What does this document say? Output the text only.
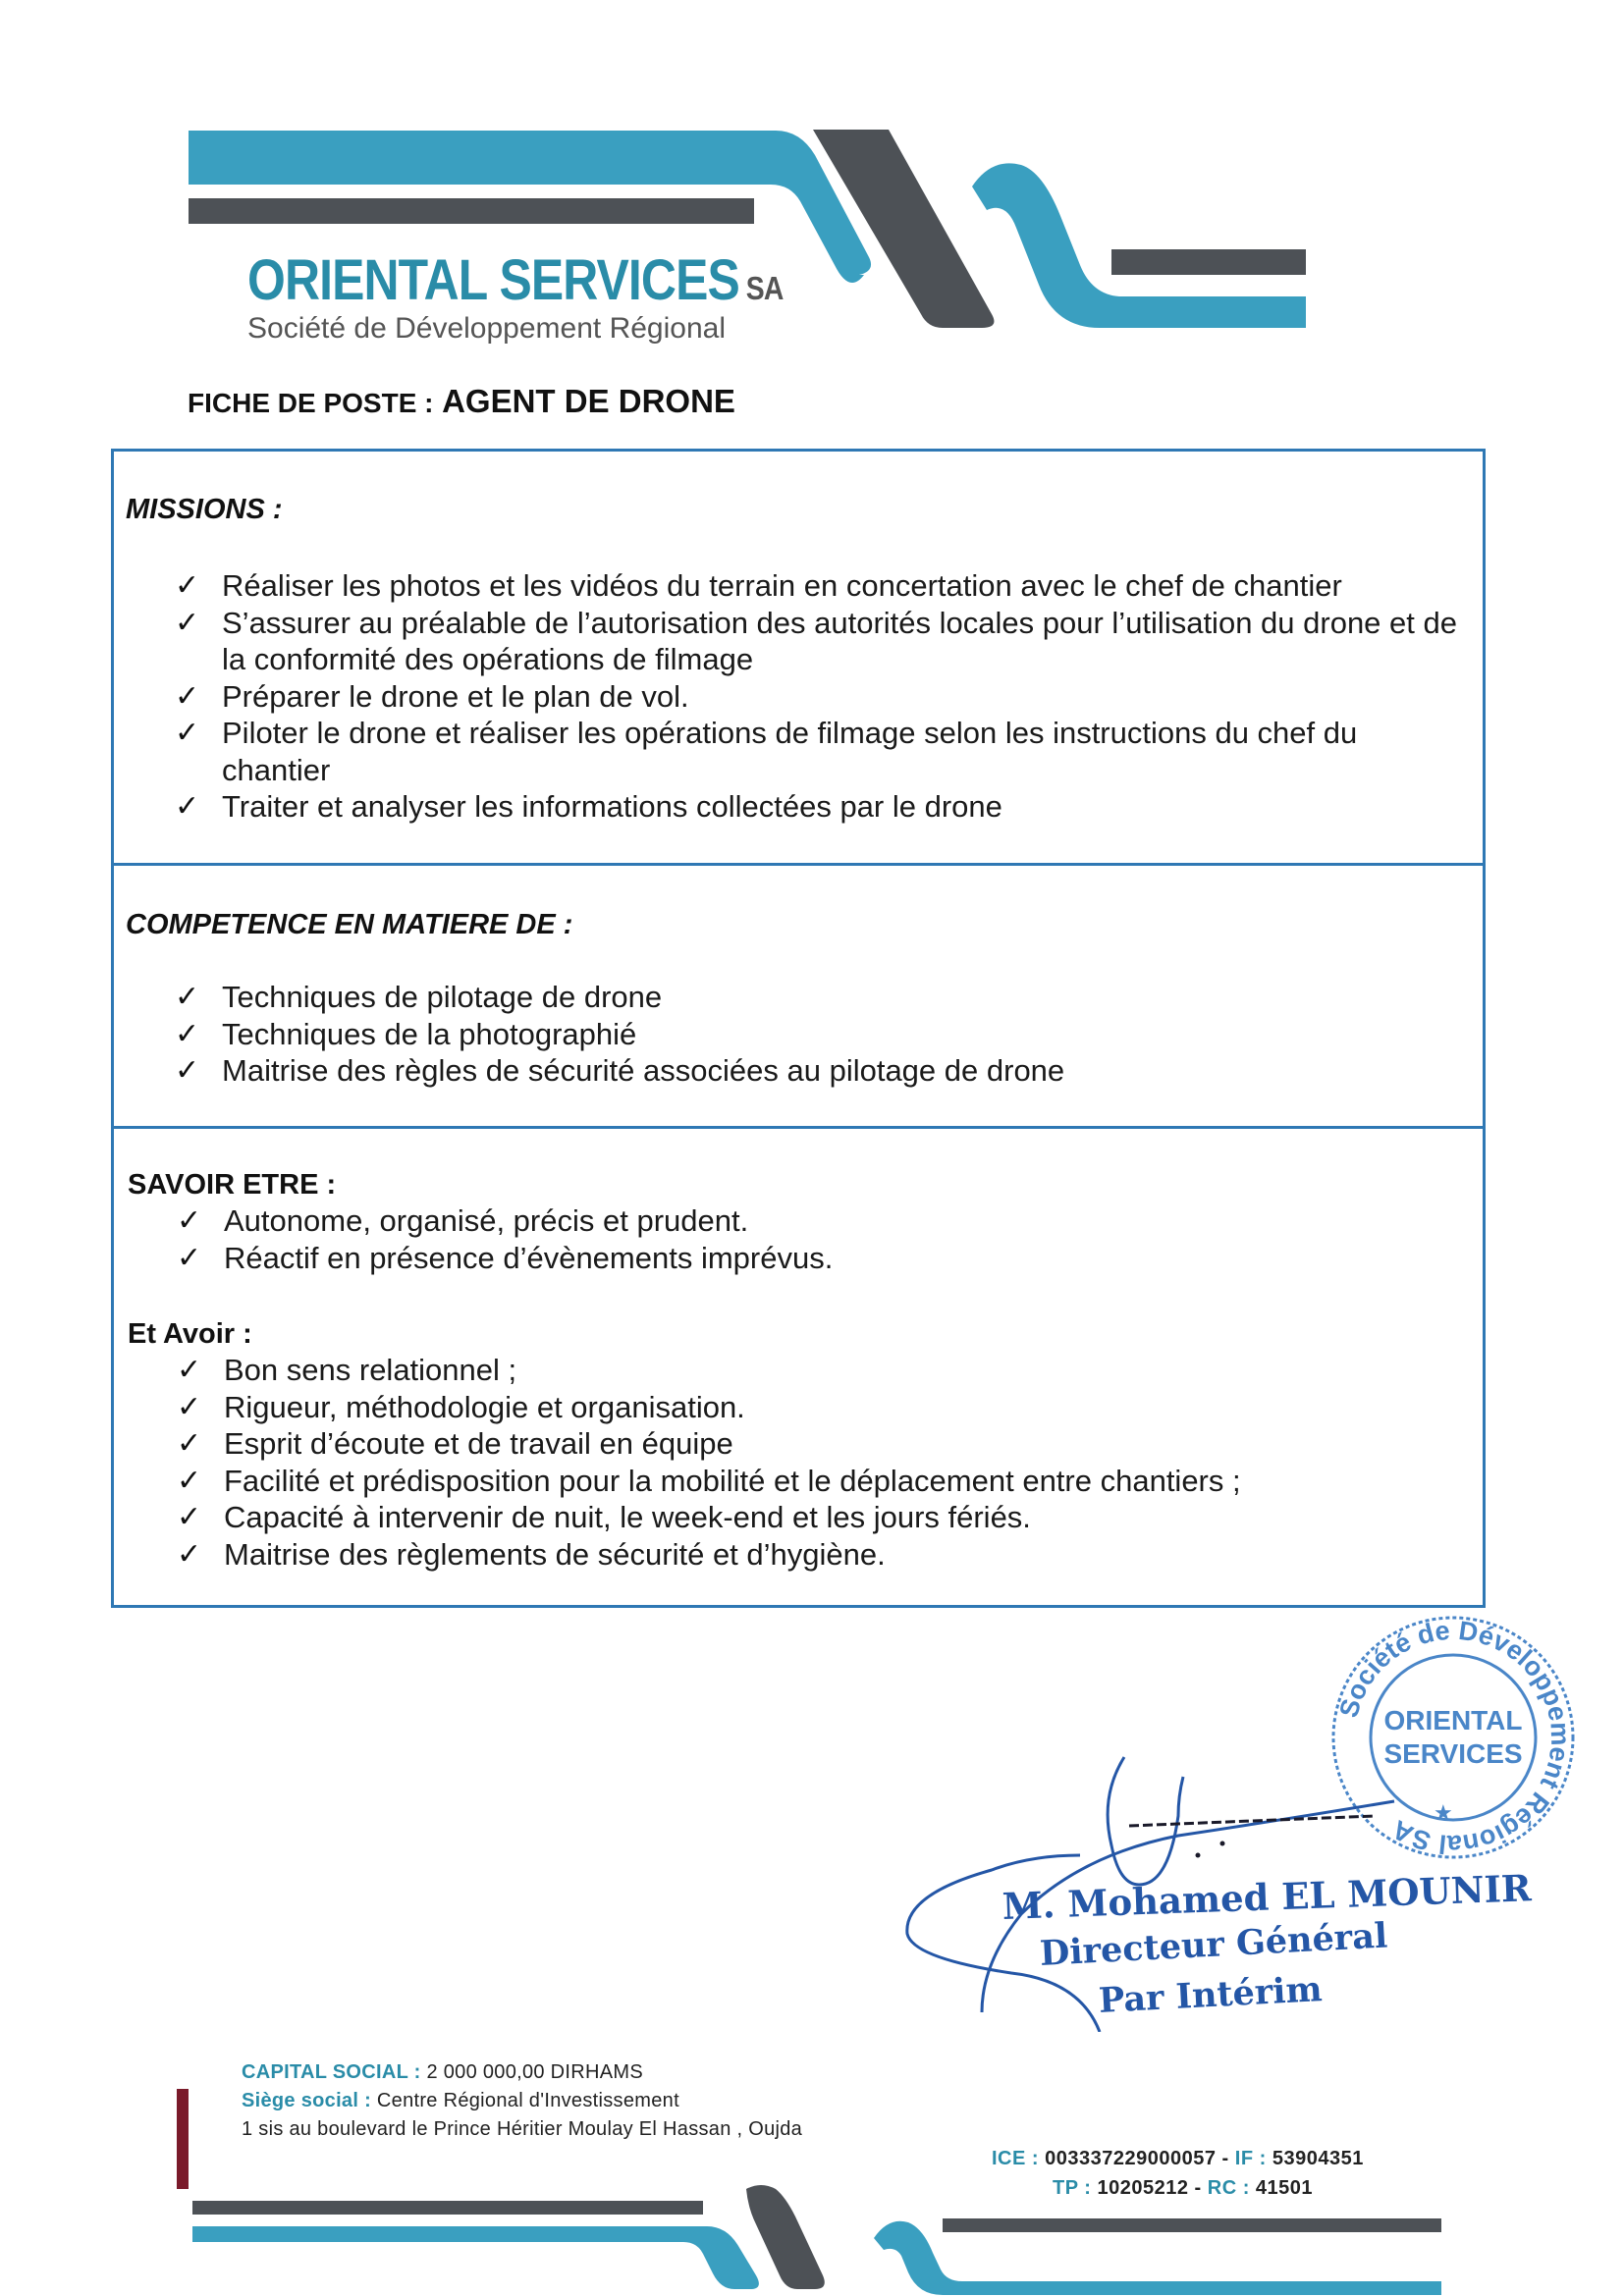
ORIENTAL SERVICES SA
Société de Développement Régional
FICHE DE POSTE : AGENT DE DRONE
MISSIONS :
✓ Réaliser les photos et les vidéos du terrain en concertation avec le chef de chantier
✓ S’assurer au préalable de l’autorisation des autorités locales pour l’utilisation du drone et de la conformité des opérations de filmage
✓ Préparer le drone et le plan de vol.
✓ Piloter le drone et réaliser les opérations de filmage selon les instructions du chef du chantier
✓ Traiter et analyser les informations collectées par le drone
COMPETENCE EN MATIERE DE :
✓ Techniques de pilotage de drone
✓ Techniques de la photographié
✓ Maitrise des règles de sécurité associées au pilotage de drone
SAVOIR ETRE :
✓ Autonome, organisé, précis et prudent.
✓ Réactif en présence d’évènements imprévus.
Et Avoir :
✓ Bon sens relationnel ;
✓ Rigueur, méthodologie et organisation.
✓ Esprit d’écoute et de travail en équipe
✓ Facilité et prédisposition pour la mobilité et le déplacement entre chantiers ;
✓ Capacité à intervenir de nuit, le week-end et les jours fériés.
✓ Maitrise des règlements de sécurité et d’hygiène.
Société de Développement Régional SA
ORIENTAL
SERVICES
★
M. Mohamed EL MOUNIR
Directeur Général
Par Intérim
CAPITAL SOCIAL : 2 000 000,00 DIRHAMS
Siège social : Centre Régional d'Investissement
1 sis au boulevard le Prince Héritier Moulay El Hassan , Oujda
ICE : 003337229000057 - IF : 53904351
TP : 10205212 - RC : 41501
